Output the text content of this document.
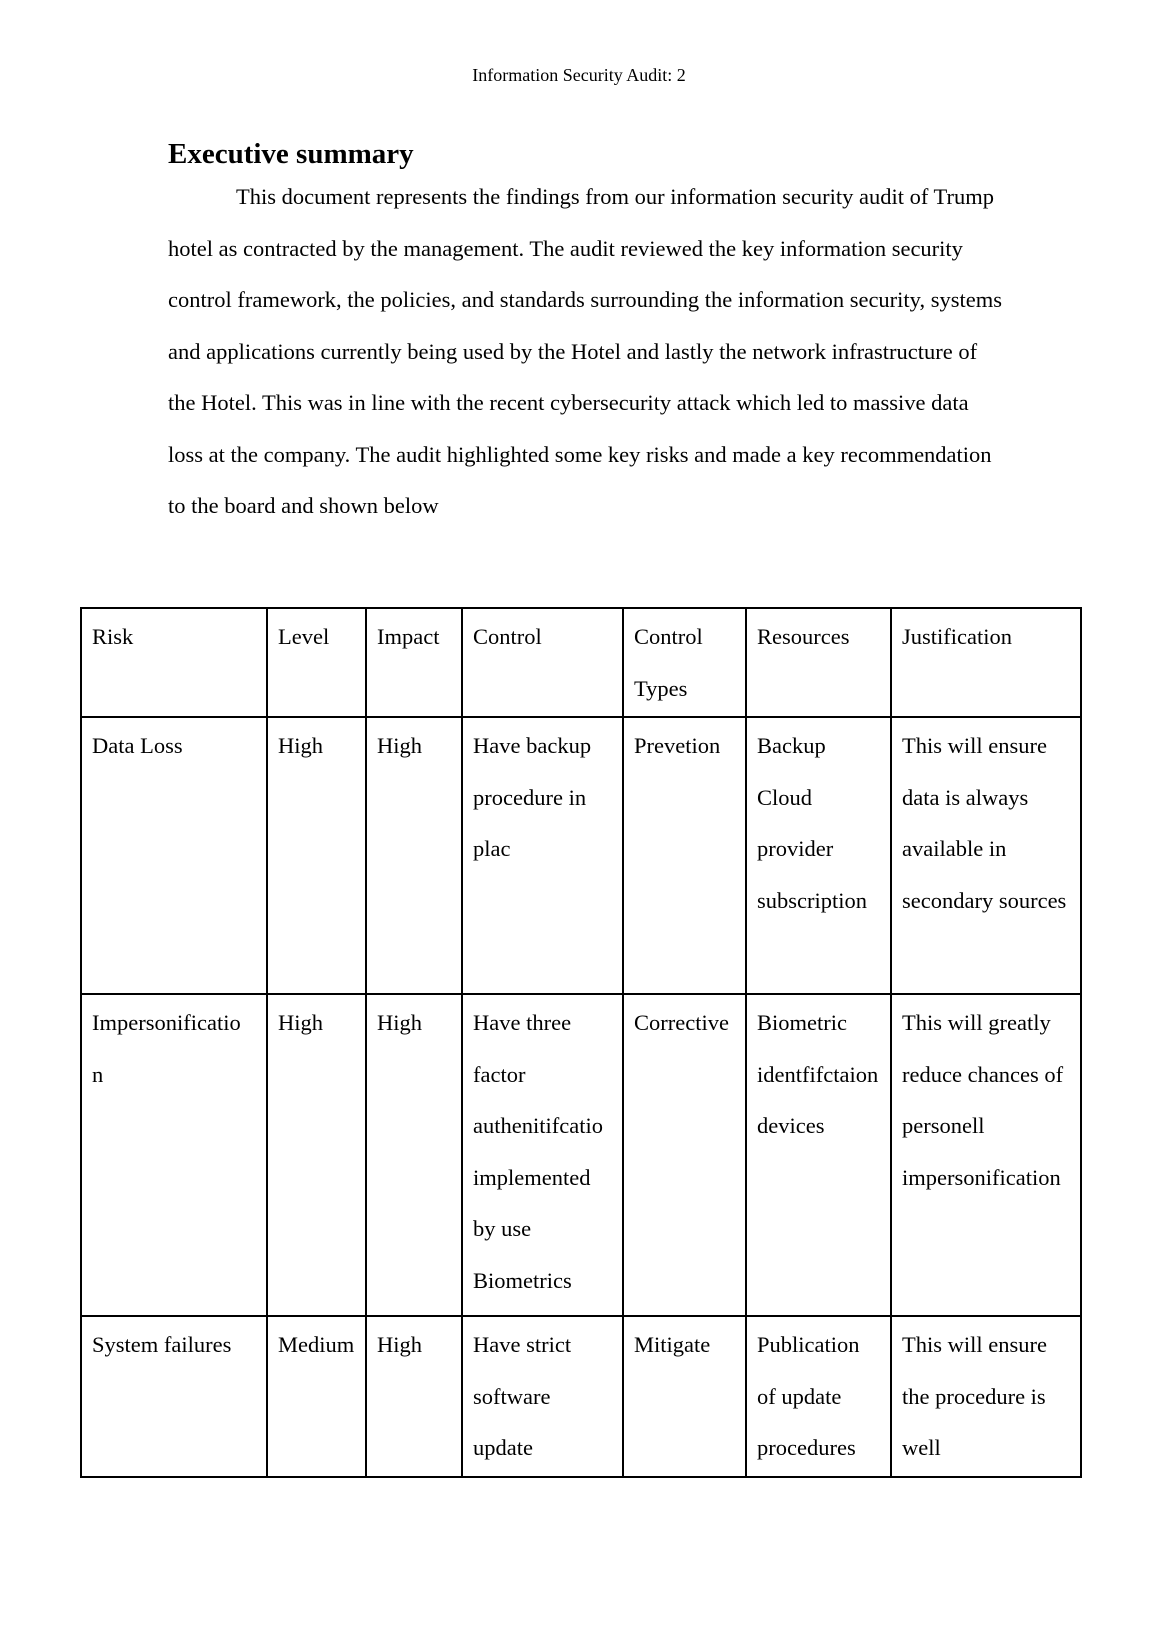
Information Security Audit: 2
Executive summary

This document represents the findings from our information security audit of Trump hotel as contracted by the management. The audit reviewed the key information security control framework, the policies, and standards surrounding the information security, systems and applications currently being used by the Hotel and lastly the network infrastructure of the Hotel. This was in line with the recent cybersecurity attack which led to massive data loss at the company. The audit highlighted some key risks and made a key recommendation to the board and shown below

Risk	Level	Impact	Control	Control Types	Resources	Justification
Data Loss	High	High	Have backup procedure in plac	Prevetion	Backup Cloud provider subscription	This will ensure data is always available in secondary sources
Impersonification	High	High	Have three factor authenitifcatio implemented by use Biometrics	Corrective	Biometric identfifctaion devices	This will greatly reduce chances of personell impersonification
System failures	Medium	High	Have strict software update	Mitigate	Publication of update procedures	This will ensure the procedure is well
